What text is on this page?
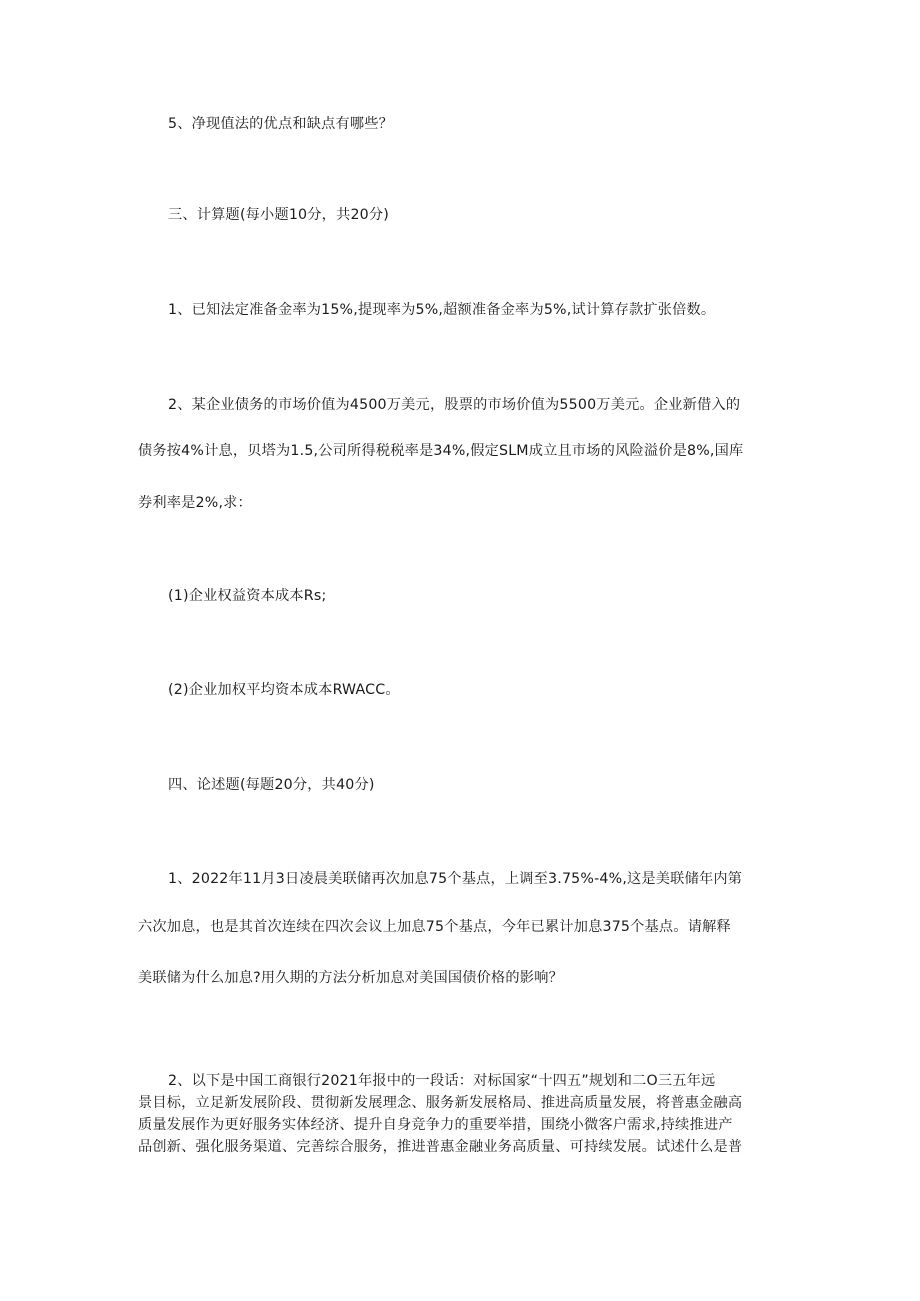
5、净现值法的优点和缺点有哪些？
三、计算题(每小题10分，共20分)
1、已知法定准备金率为15%,提现率为5%,超额准备金率为5%,试计算存款扩张倍数。
2、某企业债务的市场价值为4500万美元，股票的市场价值为5500万美元。企业新借入的
债务按4%计息，贝塔为1.5,公司所得税税率是34%,假定SLM成立且市场的风险溢价是8%,国库
券利率是2%,求：
(1)企业权益资本成本Rs;
(2)企业加权平均资本成本RWACC。
四、论述题(每题20分，共40分)
1、2022年11月3日凌晨美联储再次加息75个基点，上调至3.75%-4%,这是美联储年内第
六次加息，也是其首次连续在四次会议上加息75个基点，今年已累计加息375个基点。请解释
美联储为什么加息?用久期的方法分析加息对美国国债价格的影响？
2、以下是中国工商银行2021年报中的一段话：对标国家“十四五”规划和二O三五年远
景目标，立足新发展阶段、贯彻新发展理念、服务新发展格局、推进高质量发展，将普惠金融高
质量发展作为更好服务实体经济、提升自身竞争力的重要举措，围绕小微客户需求,持续推进产
品创新、强化服务渠道、完善综合服务，推进普惠金融业务高质量、可持续发展。试述什么是普
